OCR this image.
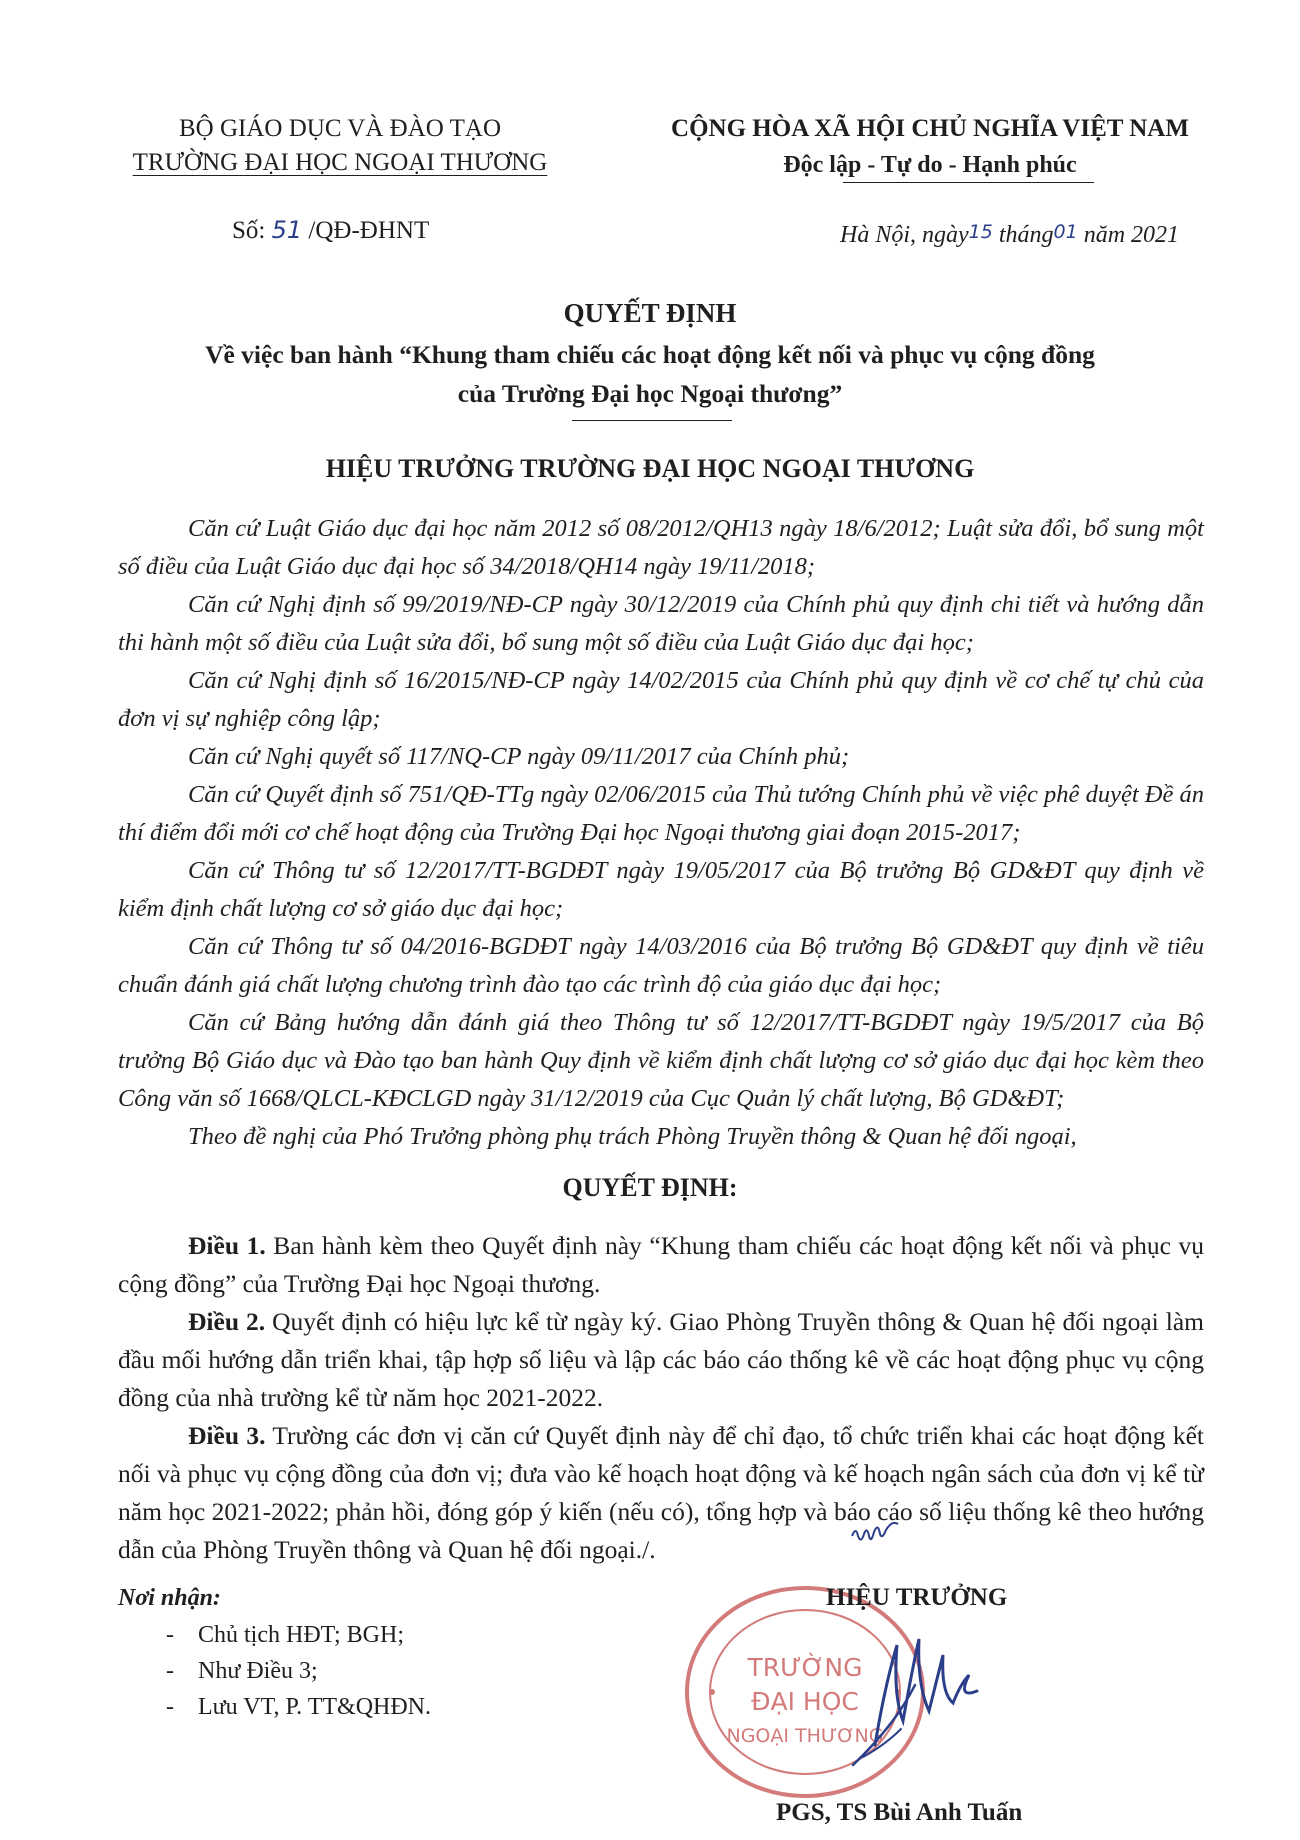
BỘ GIÁO DỤC VÀ ĐÀO TẠO
TRƯỜNG ĐẠI HỌC NGOẠI THƯƠNG
Số: 51 /QĐ-ĐHNT
CỘNG HÒA XÃ HỘI CHỦ NGHĨA VIỆT NAM
Độc lập - Tự do - Hạnh phúc
Hà Nội, ngày15 tháng01 năm 2021
QUYẾT ĐỊNH
Về việc ban hành “Khung tham chiếu các hoạt động kết nối và phục vụ cộng đồng
của Trường Đại học Ngoại thương”
HIỆU TRƯỞNG TRƯỜNG ĐẠI HỌC NGOẠI THƯƠNG
Căn cứ Luật Giáo dục đại học năm 2012 số 08/2012/QH13 ngày 18/6/2012; Luật sửa đổi, bổ sung một số điều của Luật Giáo dục đại học số 34/2018/QH14 ngày 19/11/2018;
Căn cứ Nghị định số 99/2019/NĐ-CP ngày 30/12/2019 của Chính phủ quy định chi tiết và hướng dẫn thi hành một số điều của Luật sửa đổi, bổ sung một số điều của Luật Giáo dục đại học;
Căn cứ Nghị định số 16/2015/NĐ-CP ngày 14/02/2015 của Chính phủ quy định về cơ chế tự chủ của đơn vị sự nghiệp công lập;
Căn cứ Nghị quyết số 117/NQ-CP ngày 09/11/2017 của Chính phủ;
Căn cứ Quyết định số 751/QĐ-TTg ngày 02/06/2015 của Thủ tướng Chính phủ về việc phê duyệt Đề án thí điểm đổi mới cơ chế hoạt động của Trường Đại học Ngoại thương giai đoạn 2015-2017;
Căn cứ Thông tư số 12/2017/TT-BGDĐT ngày 19/05/2017 của Bộ trưởng Bộ GD&ĐT quy định về kiểm định chất lượng cơ sở giáo dục đại học;
Căn cứ Thông tư số 04/2016-BGDĐT ngày 14/03/2016 của Bộ trưởng Bộ GD&ĐT quy định về tiêu chuẩn đánh giá chất lượng chương trình đào tạo các trình độ của giáo dục đại học;
Căn cứ Bảng hướng dẫn đánh giá theo Thông tư số 12/2017/TT-BGDĐT ngày 19/5/2017 của Bộ trưởng Bộ Giáo dục và Đào tạo ban hành Quy định về kiểm định chất lượng cơ sở giáo dục đại học kèm theo Công văn số 1668/QLCL-KĐCLGD ngày 31/12/2019 của Cục Quản lý chất lượng, Bộ GD&ĐT;
Theo đề nghị của Phó Trưởng phòng phụ trách Phòng Truyền thông & Quan hệ đối ngoại,
QUYẾT ĐỊNH:
Điều 1. Ban hành kèm theo Quyết định này “Khung tham chiếu các hoạt động kết nối và phục vụ cộng đồng” của Trường Đại học Ngoại thương.
Điều 2. Quyết định có hiệu lực kể từ ngày ký. Giao Phòng Truyền thông & Quan hệ đối ngoại làm đầu mối hướng dẫn triển khai, tập hợp số liệu và lập các báo cáo thống kê về các hoạt động phục vụ cộng đồng của nhà trường kể từ năm học 2021-2022.
Điều 3. Trường các đơn vị căn cứ Quyết định này để chỉ đạo, tổ chức triển khai các hoạt động kết nối và phục vụ cộng đồng của đơn vị; đưa vào kế hoạch hoạt động và kế hoạch ngân sách của đơn vị kể từ năm học 2021-2022; phản hồi, đóng góp ý kiến (nếu có), tổng hợp và báo cáo số liệu thống kê theo hướng dẫn của Phòng Truyền thông và Quan hệ đối ngoại./.
Nơi nhận:
- Chủ tịch HĐT; BGH;
- Như Điều 3;
- Lưu VT, P. TT&QHĐN.
TRƯỜNG
ĐẠI HỌC
NGOẠI THƯƠNG
HIỆU TRƯỞNG
PGS, TS Bùi Anh Tuấn
